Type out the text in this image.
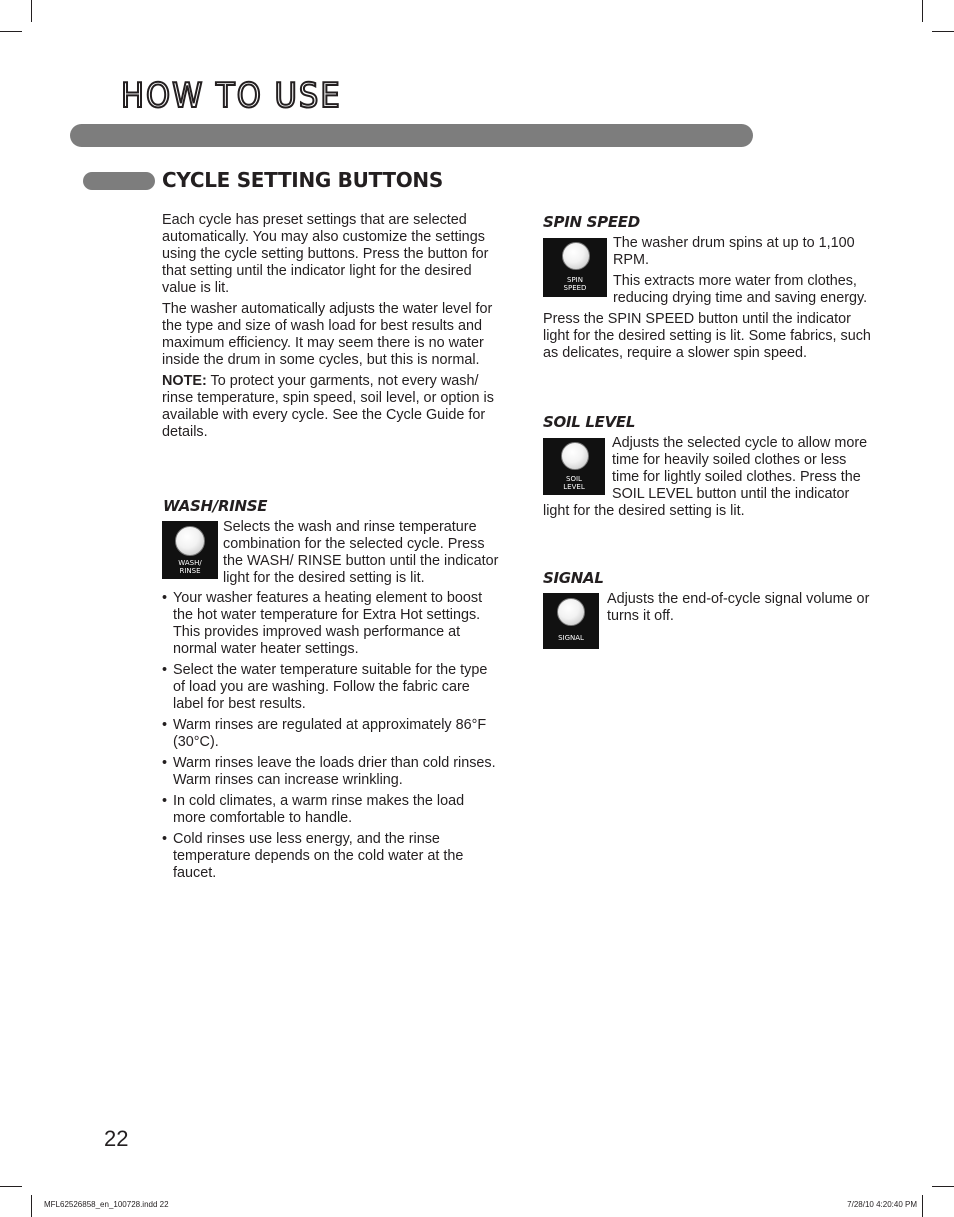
HOW TO USE
CYCLE SETTING BUTTONS

Each cycle has preset settings that are selected automatically. You may also customize the settings using the cycle setting buttons. Press the button for that setting until the indicator light for the desired value is lit.

The washer automatically adjusts the water level for the type and size of wash load for best results and maximum efficiency. It may seem there is no water inside the drum in some cycles, but this is normal.

NOTE: To protect your garments, not every wash/ rinse temperature, spin speed, soil level, or option is available with every cycle. See the Cycle Guide for details.

WASH/RINSE
WASH/
RINSE
Selects the wash and rinse temperature combination for the selected cycle. Press the WASH/ RINSE button until the indicator light for the desired setting is lit.
• Your washer features a heating element to boost the hot water temperature for Extra Hot settings. This provides improved wash performance at normal water heater settings.
• Select the water temperature suitable for the type of load you are washing. Follow the fabric care label for best results.
• Warm rinses are regulated at approximately 86°F (30°C).
• Warm rinses leave the loads drier than cold rinses. Warm rinses can increase wrinkling.
• In cold climates, a warm rinse makes the load more comfortable to handle.
• Cold rinses use less energy, and the rinse temperature depends on the cold water at the faucet.
SPIN SPEED
SPIN
SPEED

The washer drum spins at up to 1,100 RPM.

This extracts more water from clothes, reducing drying time and saving energy.

Press the SPIN SPEED button until the indicator light for the desired setting is lit. Some fabrics, such as delicates, require a slower spin speed.

SOIL LEVEL
SOIL
LEVEL

Adjusts the selected cycle to allow more time for heavily soiled clothes or less time for lightly soiled clothes. Press the SOIL LEVEL button until the indicator light for the desired setting is lit.

SIGNAL
SIGNAL
Adjusts the end-of-cycle signal volume or turns it off.
22
MFL62526858_en_100728.indd 22	7/28/10 4:20:40 PM
